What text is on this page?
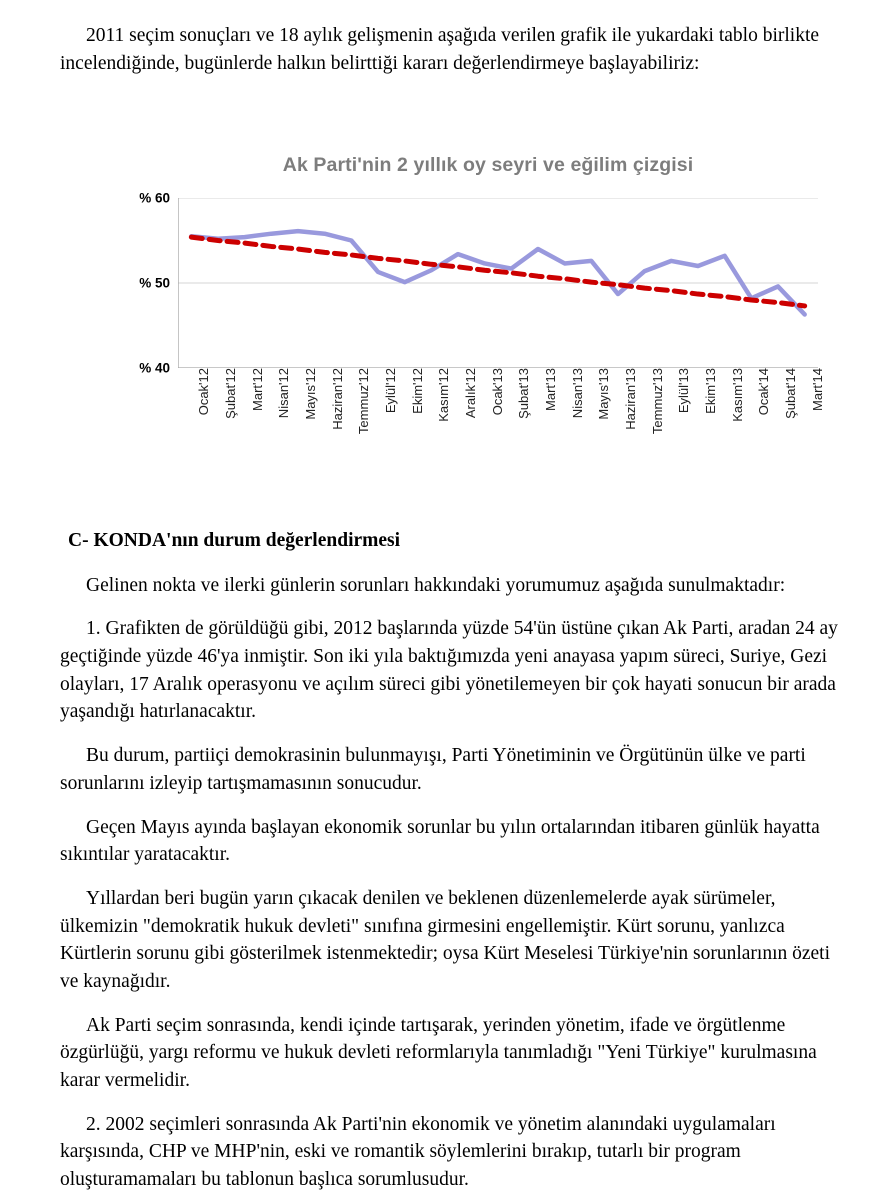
2011 seçim sonuçları ve 18 aylık gelişmenin aşağıda verilen grafik ile yukardaki tablo birlikte incelendiğinde, bugünlerde halkın belirttiği kararı değerlendirmeye başlayabiliriz:

Ak Parti'nin 2 yıllık oy seyri ve eğilim çizgisi
% 40
% 50
% 60
Ocak'12 Şubat'12 Mart'12 Nisan'12 Mayıs'12 Haziran'12 Temmuz'12 Eylül'12 Ekim'12 Kasım'12 Aralık'12 Ocak'13 Şubat'13 Mart'13 Nisan'13 Mayıs'13 Haziran'13 Temmuz'13 Eylül'13 Ekim'13 Kasım'13 Ocak'14 Şubat'14 Mart'14

C- KONDA'nın durum değerlendirmesi

Gelinen nokta ve ilerki günlerin sorunları hakkındaki yorumumuz aşağıda sunulmaktadır:

1. Grafikten de görüldüğü gibi, 2012 başlarında yüzde 54'ün üstüne çıkan Ak Parti, aradan 24 ay geçtiğinde yüzde 46'ya inmiştir. Son iki yıla baktığımızda yeni anayasa yapım süreci, Suriye, Gezi olayları, 17 Aralık operasyonu ve açılım süreci gibi yönetilemeyen bir çok hayati sonucun bir arada yaşandığı hatırlanacaktır.

Bu durum, partiiçi demokrasinin bulunmayışı, Parti Yönetiminin ve Örgütünün ülke ve parti sorunlarını izleyip tartışmamasının sonucudur.

Geçen Mayıs ayında başlayan ekonomik sorunlar bu yılın ortalarından itibaren günlük hayatta sıkıntılar yaratacaktır.

Yıllardan beri bugün yarın çıkacak denilen ve beklenen düzenlemelerde ayak sürümeler, ülkemizin "demokratik hukuk devleti" sınıfına girmesini engellemiştir. Kürt sorunu, yanlızca Kürtlerin sorunu gibi gösterilmek istenmektedir; oysa Kürt Meselesi Türkiye'nin sorunlarının özeti ve kaynağıdır.

Ak Parti seçim sonrasında, kendi içinde tartışarak, yerinden yönetim, ifade ve örgütlenme özgürlüğü, yargı reformu ve hukuk devleti reformlarıyla tanımladığı "Yeni Türkiye" kurulmasına karar vermelidir.

2. 2002 seçimleri sonrasında Ak Parti'nin ekonomik ve yönetim alanındaki uygulamaları karşısında, CHP ve MHP'nin, eski ve romantik söylemlerini bırakıp, tutarlı bir program oluşturamamaları bu tablonun başlıca sorumlusudur.
